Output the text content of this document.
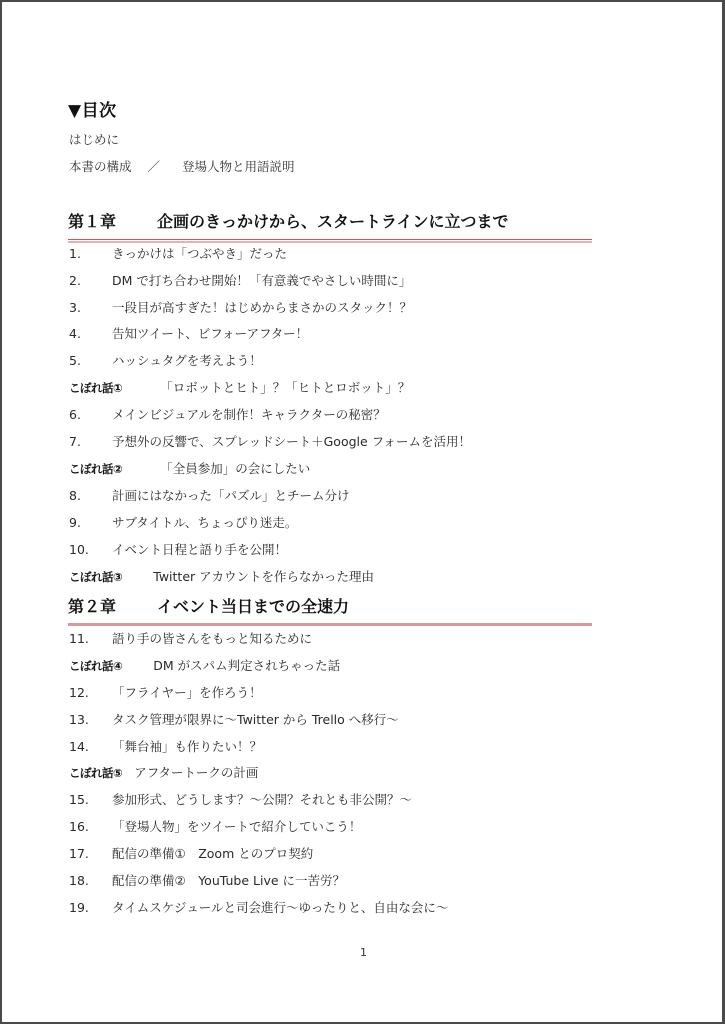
▼目次
はじめに
本書の構成 ／ 登場人物と用語説明
第１章	企画のきっかけから、スタートラインに立つまで
1. きっかけは「つぶやき」だった
2. DM で打ち合わせ開始！「有意義でやさしい時間に」
3. 一段目が高すぎた！はじめからまさかのスタック！？
4. 告知ツイート、ビフォーアフター！
5. ハッシュタグを考えよう！
こぼれ話①	「ロボットとヒト」？「ヒトとロボット」？
6. メインビジュアルを制作！キャラクターの秘密？
7. 予想外の反響で、スプレッドシート＋Google フォームを活用！
こぼれ話②	「全員参加」の会にしたい
8. 計画にはなかった「パズル」とチーム分け
9. サブタイトル、ちょっぴり迷走。
10. イベント日程と語り手を公開！
こぼれ話③ Twitter アカウントを作らなかった理由
第２章	イベント当日までの全速力
11. 語り手の皆さんをもっと知るために
こぼれ話④ DM がスパム判定されちゃった話
12. 「フライヤー」を作ろう！
13. タスク管理が限界に～Twitter から Trello へ移行～
14. 「舞台袖」も作りたい！？
こぼれ話⑤ アフタートークの計画
15. 参加形式、どうします？～公開？それとも非公開？～
16. 「登場人物」をツイートで紹介していこう！
17. 配信の準備①　Zoom とのプロ契約
18. 配信の準備②　YouTube Live に一苦労？
19. タイムスケジュールと司会進行～ゆったりと、自由な会に～
1
